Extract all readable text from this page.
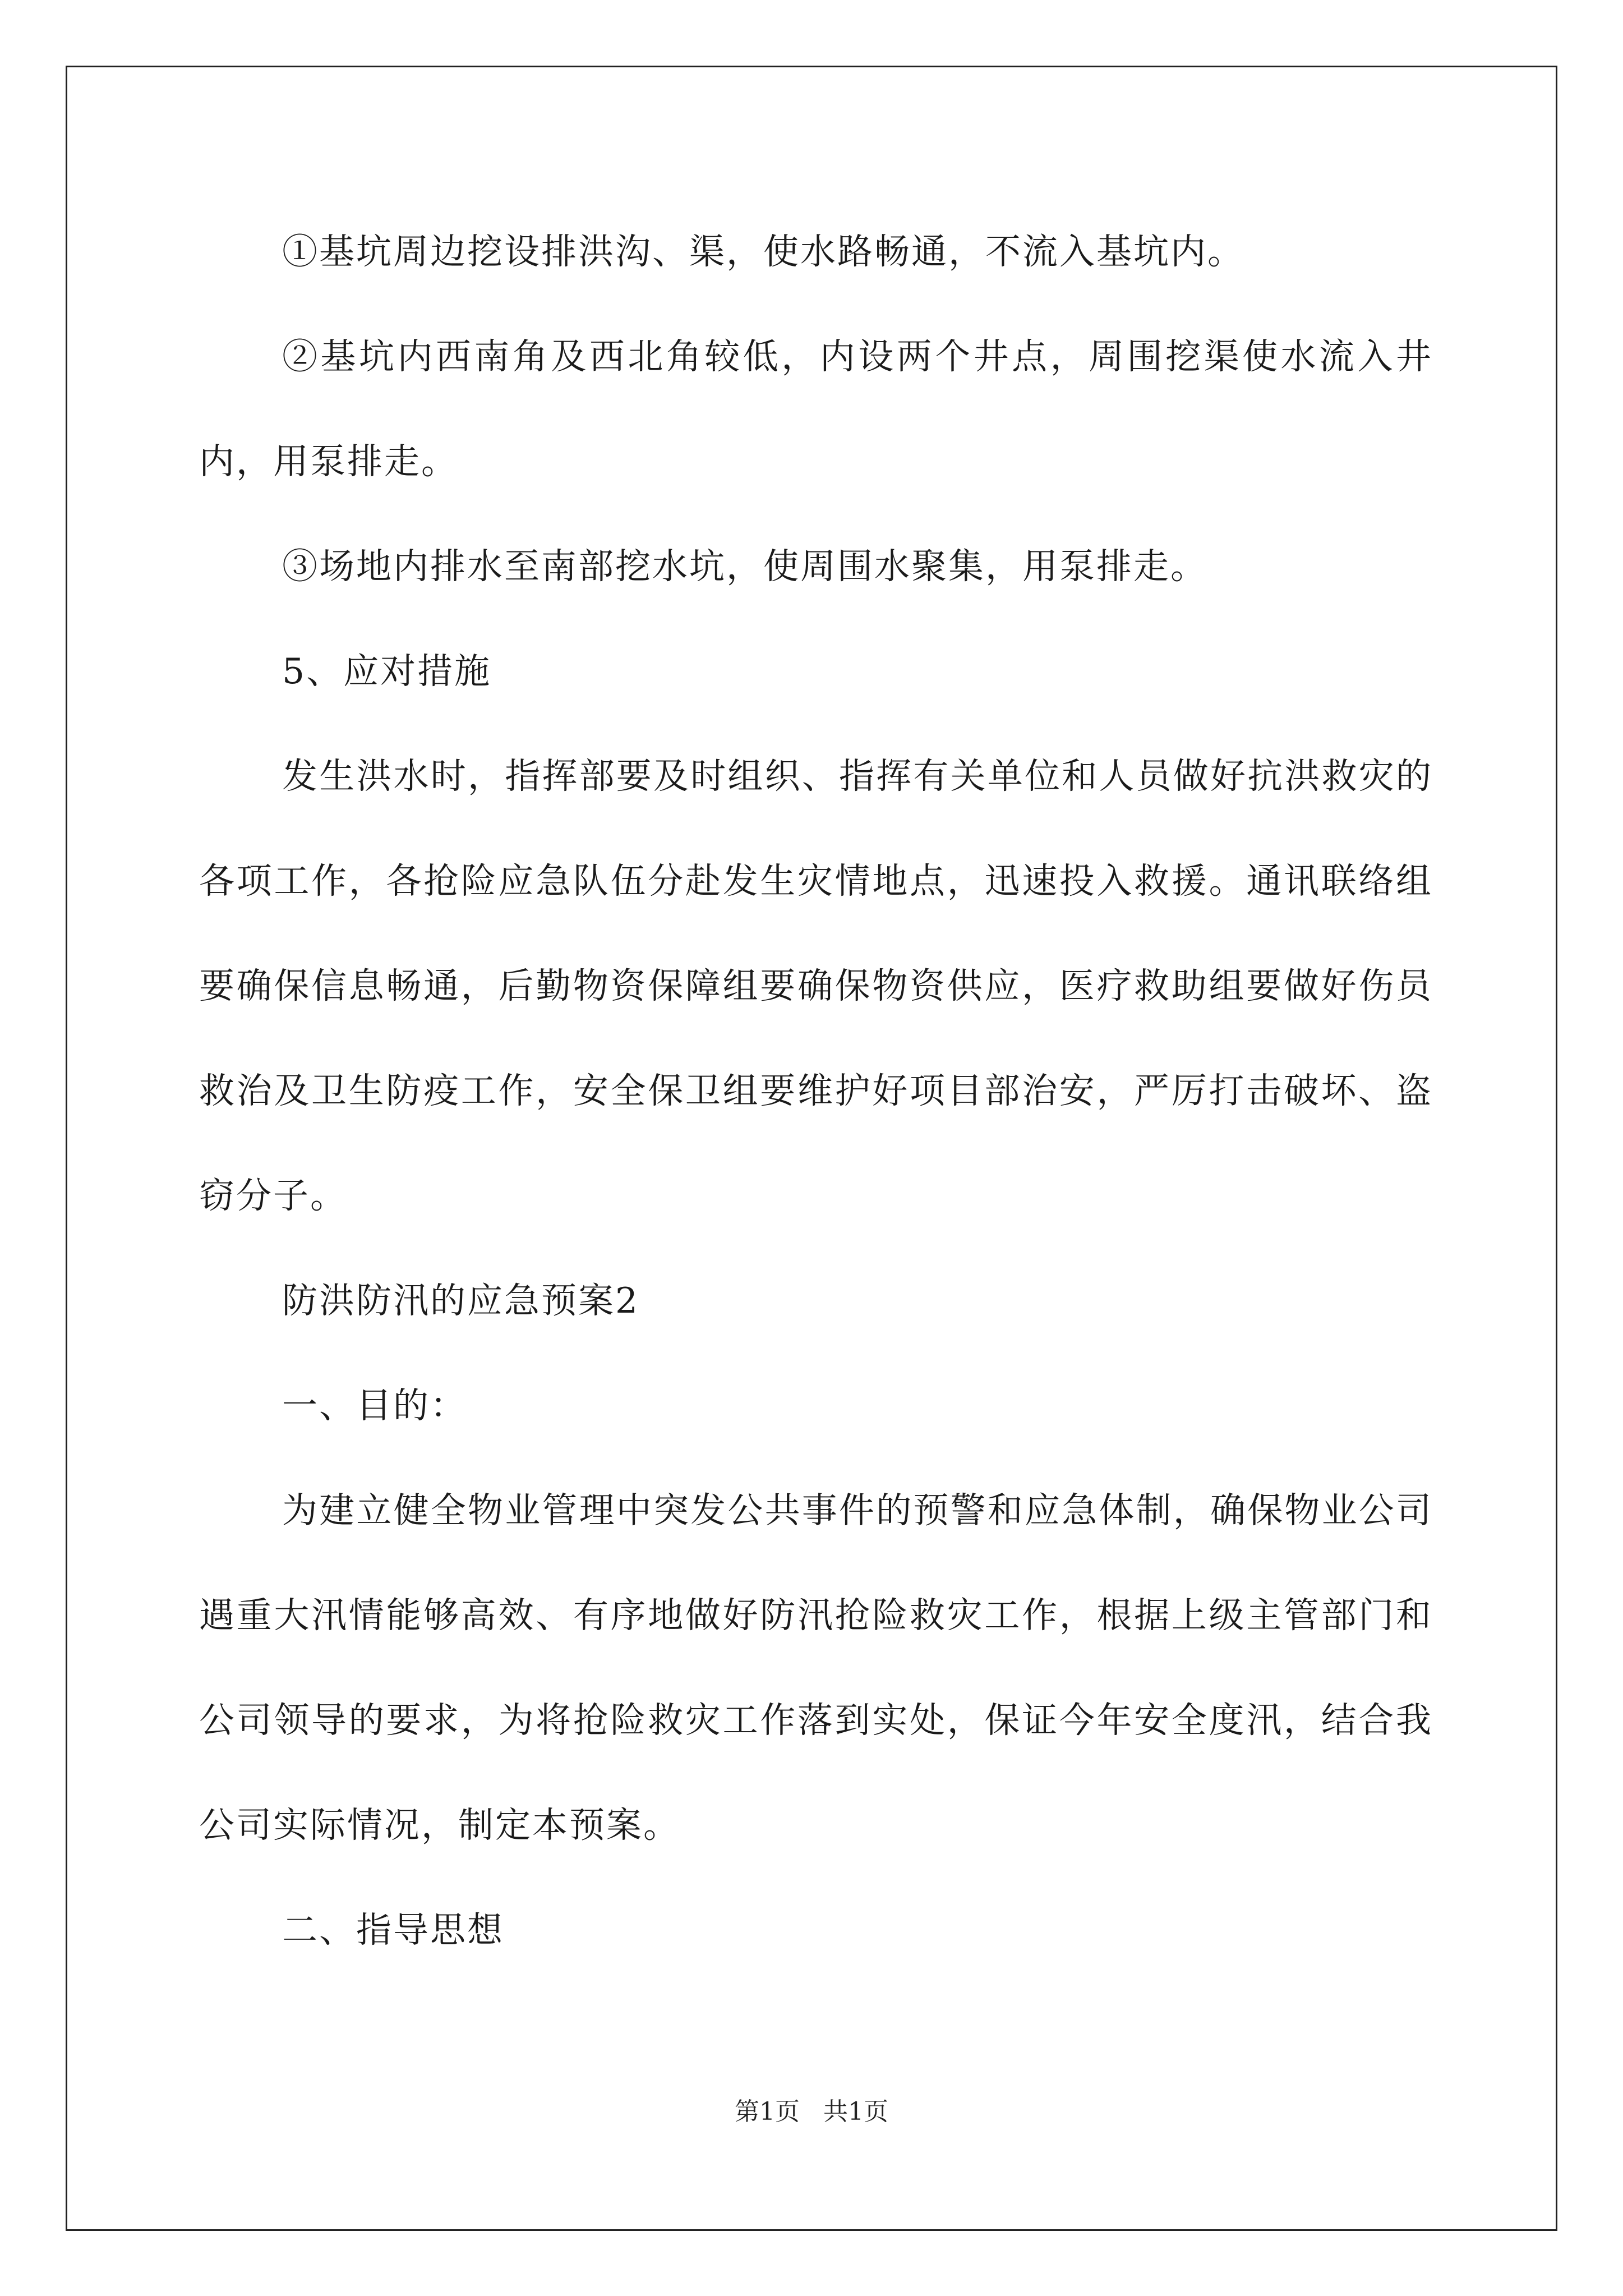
①基坑周边挖设排洪沟、渠，使水路畅通，不流入基坑内。

②基坑内西南角及西北角较低，内设两个井点，周围挖渠使水流入井内，用泵排走。

③场地内排水至南部挖水坑，使周围水聚集，用泵排走。

5、应对措施

发生洪水时，指挥部要及时组织、指挥有关单位和人员做好抗洪救灾的各项工作，各抢险应急队伍分赴发生灾情地点，迅速投入救援。通讯联络组要确保信息畅通，后勤物资保障组要确保物资供应，医疗救助组要做好伤员救治及卫生防疫工作，安全保卫组要维护好项目部治安，严厉打击破坏、盗窃分子。

防洪防汛的应急预案2

一、目的：

为建立健全物业管理中突发公共事件的预警和应急体制，确保物业公司遇重大汛情能够高效、有序地做好防汛抢险救灾工作，根据上级主管部门和公司领导的要求，为将抢险救灾工作落到实处，保证今年安全度汛，结合我公司实际情况，制定本预案。

二、指导思想

第1页 共1页
